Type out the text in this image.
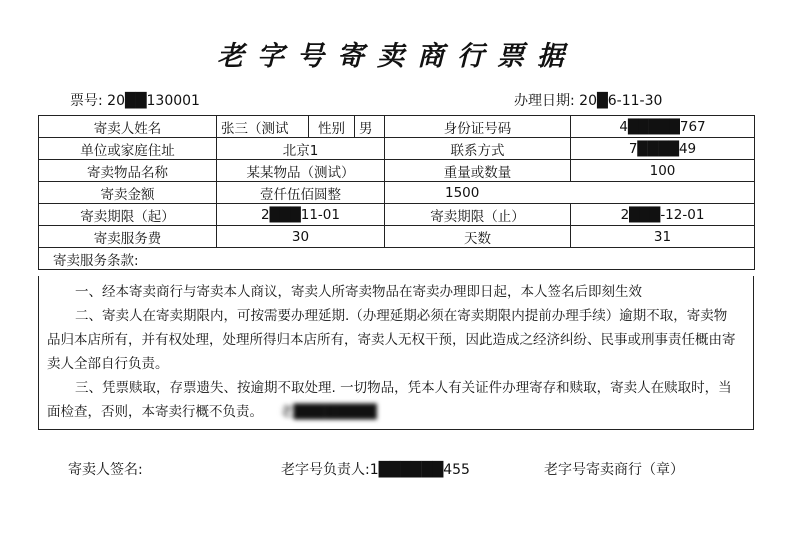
老字号寄卖商行票据
票号: 20██130001	办理日期: 20█6-11-30
寄卖人姓名	张三（测试	性别	男	身份证号码	4█████767
单位或家庭住址	北京1			联系方式	7████49
寄卖物品名称	某某物品（测试）			重量或数量	100
寄卖金额	壹仟伍佰圆整			1500	
寄卖期限（起）	2███11-01			寄卖期限（止）	2███-12-01
寄卖服务费	30			天数	31
寄卖服务条款:					

一、经本寄卖商行与寄卖本人商议，寄卖人所寄卖物品在寄卖办理即日起，本人签名后即刻生效

二、寄卖人在寄卖期限内，可按需要办理延期.（办理延期必须在寄卖期限内提前办理手续）逾期不取，寄卖物品归本店所有，并有权处理，处理所得归本店所有，寄卖人无权干预，因此造成之经济纠纷、民事或刑事责任概由寄卖人全部自行负责。

三、凭票赎取，存票遗失、按逾期不取处理. 一切物品，凭本人有关证件办理寄存和赎取，寄卖人在赎取时，当面检查，否则，本寄卖行概不负责。 老████████

寄卖人签名:	老字号负责人:1██████455	老字号寄卖商行（章）
